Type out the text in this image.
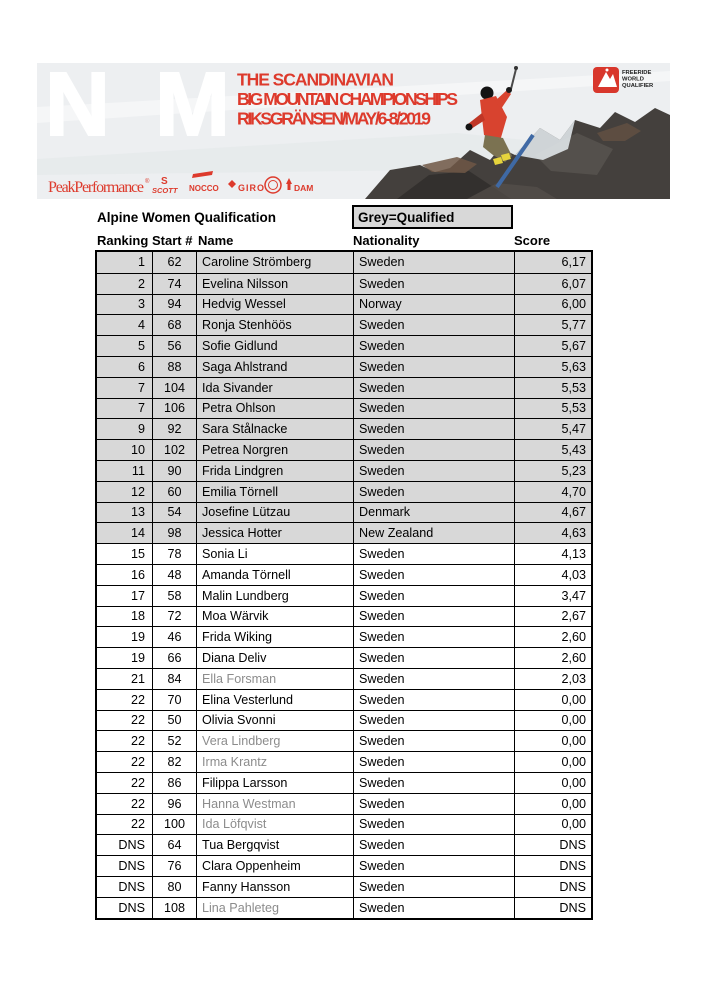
NM THE SCANDINAVIAN
BIG MOUNTAIN CHAMPIONSHIPS
RIKSGRÄNSEN/MAY/6-8/2019
FREERIDE
WORLD
QUALIFIER
PeakPerformance ® S
SCOTT NOCCO GIRO	DAM
Alpine Women Qualification	Grey=Qualified
Ranking Start # Name	Nationality	Score
1	62	Caroline Strömberg	Sweden	6,17
2	74	Evelina Nilsson	Sweden	6,07
3	94	Hedvig Wessel	Norway	6,00
4	68	Ronja Stenhöös	Sweden	5,77
5	56	Sofie Gidlund	Sweden	5,67
6	88	Saga Ahlstrand	Sweden	5,63
7	104	Ida Sivander	Sweden	5,53
7	106	Petra Ohlson	Sweden	5,53
9	92	Sara Stålnacke	Sweden	5,47
10	102	Petrea Norgren	Sweden	5,43
11	90	Frida Lindgren	Sweden	5,23
12	60	Emilia Törnell	Sweden	4,70
13	54	Josefine Lützau	Denmark	4,67
14	98	Jessica Hotter	New Zealand	4,63
15	78	Sonia Li	Sweden	4,13
16	48	Amanda Törnell	Sweden	4,03
17	58	Malin Lundberg	Sweden	3,47
18	72	Moa Wärvik	Sweden	2,67
19	46	Frida Wiking	Sweden	2,60
19	66	Diana Deliv	Sweden	2,60
21	84	Ella Forsman	Sweden	2,03
22	70	Elina Vesterlund	Sweden	0,00
22	50	Olivia Svonni	Sweden	0,00
22	52	Vera Lindberg	Sweden	0,00
22	82	Irma Krantz	Sweden	0,00
22	86	Filippa Larsson	Sweden	0,00
22	96	Hanna Westman	Sweden	0,00
22	100	Ida Löfqvist	Sweden	0,00
DNS	64	Tua Bergqvist	Sweden	DNS
DNS	76	Clara Oppenheim	Sweden	DNS
DNS	80	Fanny Hansson	Sweden	DNS
DNS	108	Lina Pahleteg	Sweden	DNS
